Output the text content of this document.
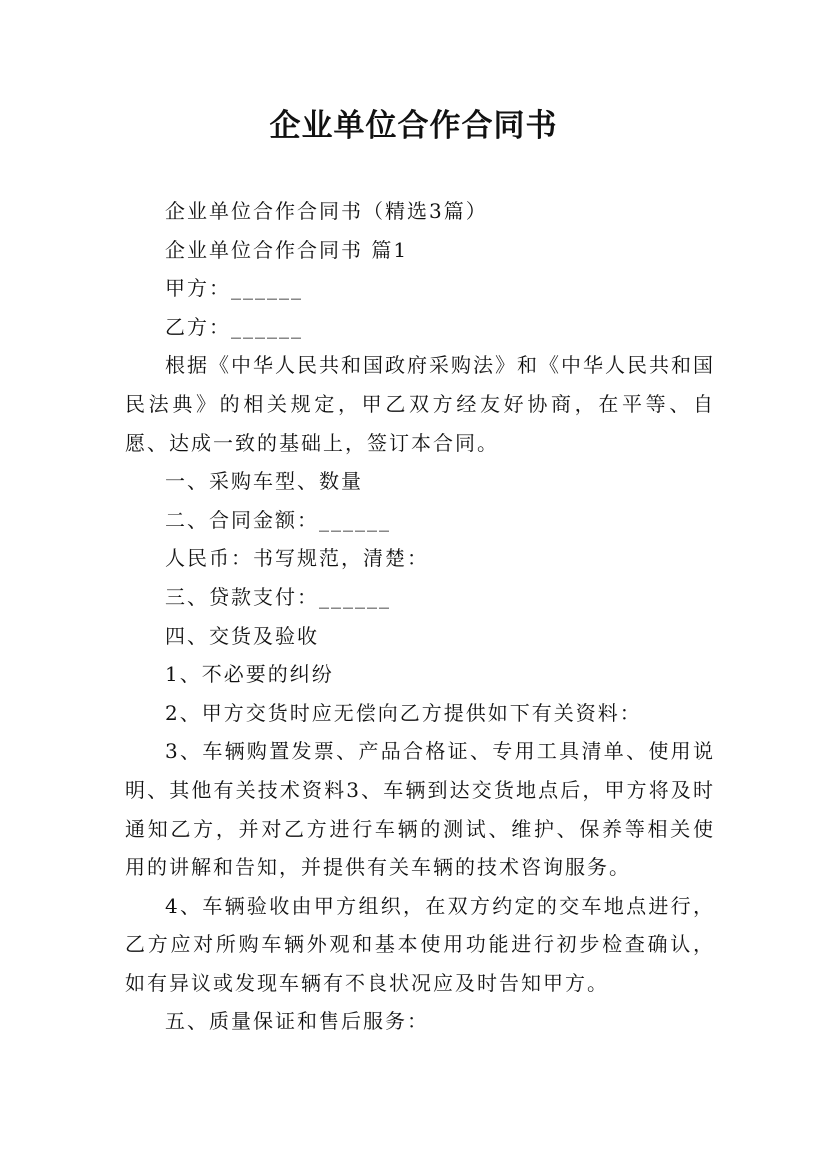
企业单位合作合同书

企业单位合作合同书（精选3篇）

企业单位合作合同书 篇1

甲方：______

乙方：______

根据《中华人民共和国政府采购法》和《中华人民共和国民法典》的相关规定，甲乙双方经友好协商，在平等、自愿、达成一致的基础上，签订本合同。

一、采购车型、数量

二、合同金额：______

人民币：书写规范，清楚：

三、贷款支付：______

四、交货及验收

1、不必要的纠纷

2、甲方交货时应无偿向乙方提供如下有关资料：

3、车辆购置发票、产品合格证、专用工具清单、使用说明、其他有关技术资料3、车辆到达交货地点后，甲方将及时通知乙方，并对乙方进行车辆的测试、维护、保养等相关使用的讲解和告知，并提供有关车辆的技术咨询服务。

4、车辆验收由甲方组织，在双方约定的交车地点进行，乙方应对所购车辆外观和基本使用功能进行初步检查确认，如有异议或发现车辆有不良状况应及时告知甲方。

五、质量保证和售后服务：
